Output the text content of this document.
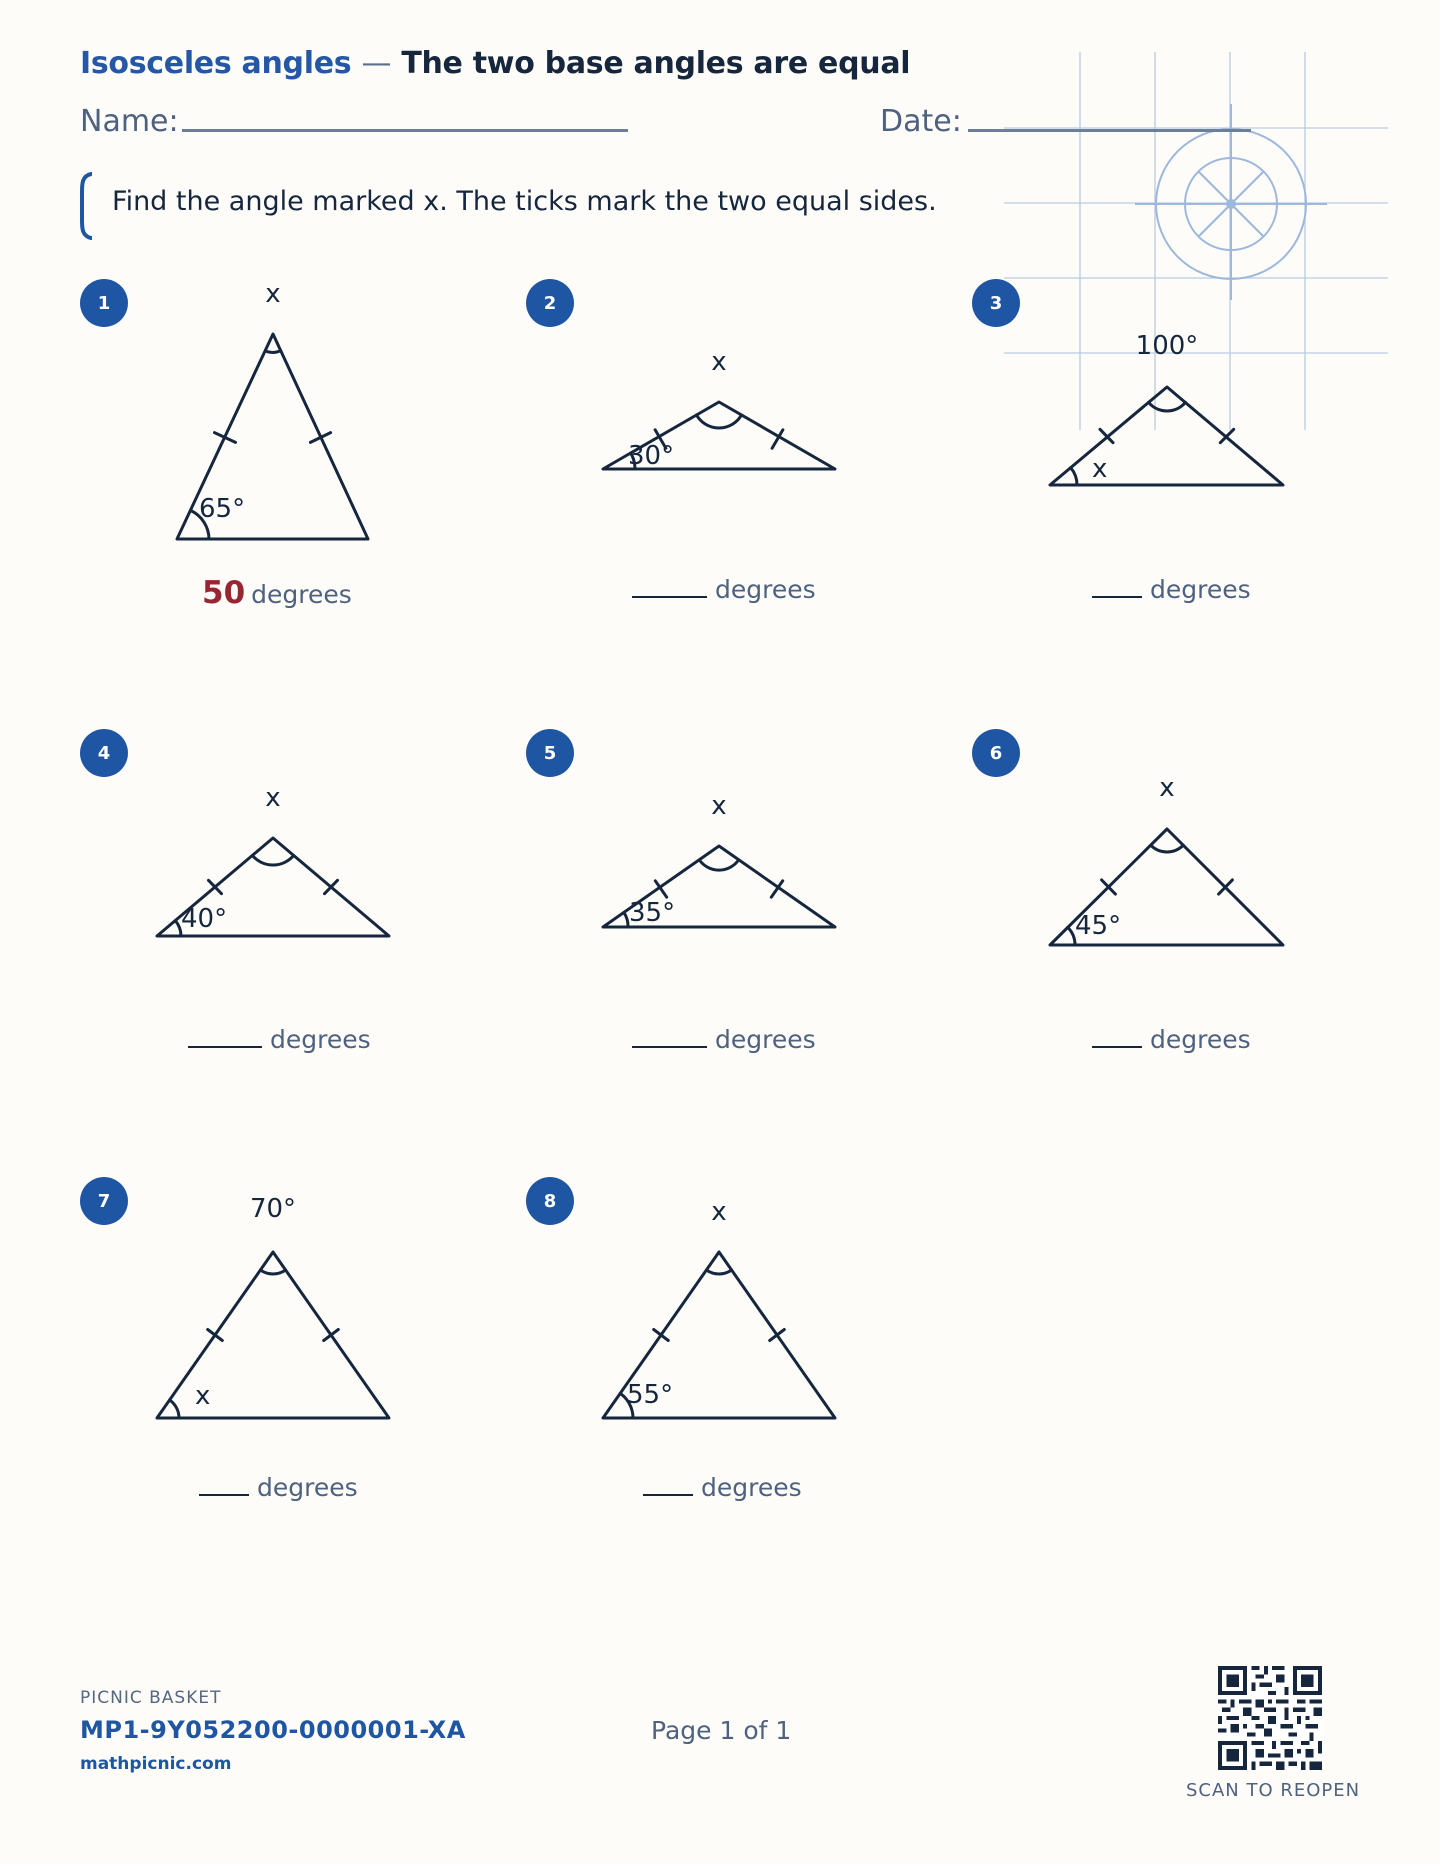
Isosceles angles — The two base angles are equal
Name:	Date:
Find the angle marked x. The ticks mark the two equal sides.
1	x
65°
50 degrees
2
x
30°
degrees
3
100°
x
degrees
4
x
40°
degrees
5
x
35°
degrees
6
x
45°
degrees
7	70°
x
degrees
8	x
55°
degrees
PICNIC BASKET
MP1-9Y052200-0000001-XA
mathpicnic.com
Page 1 of 1
SCAN TO REOPEN
